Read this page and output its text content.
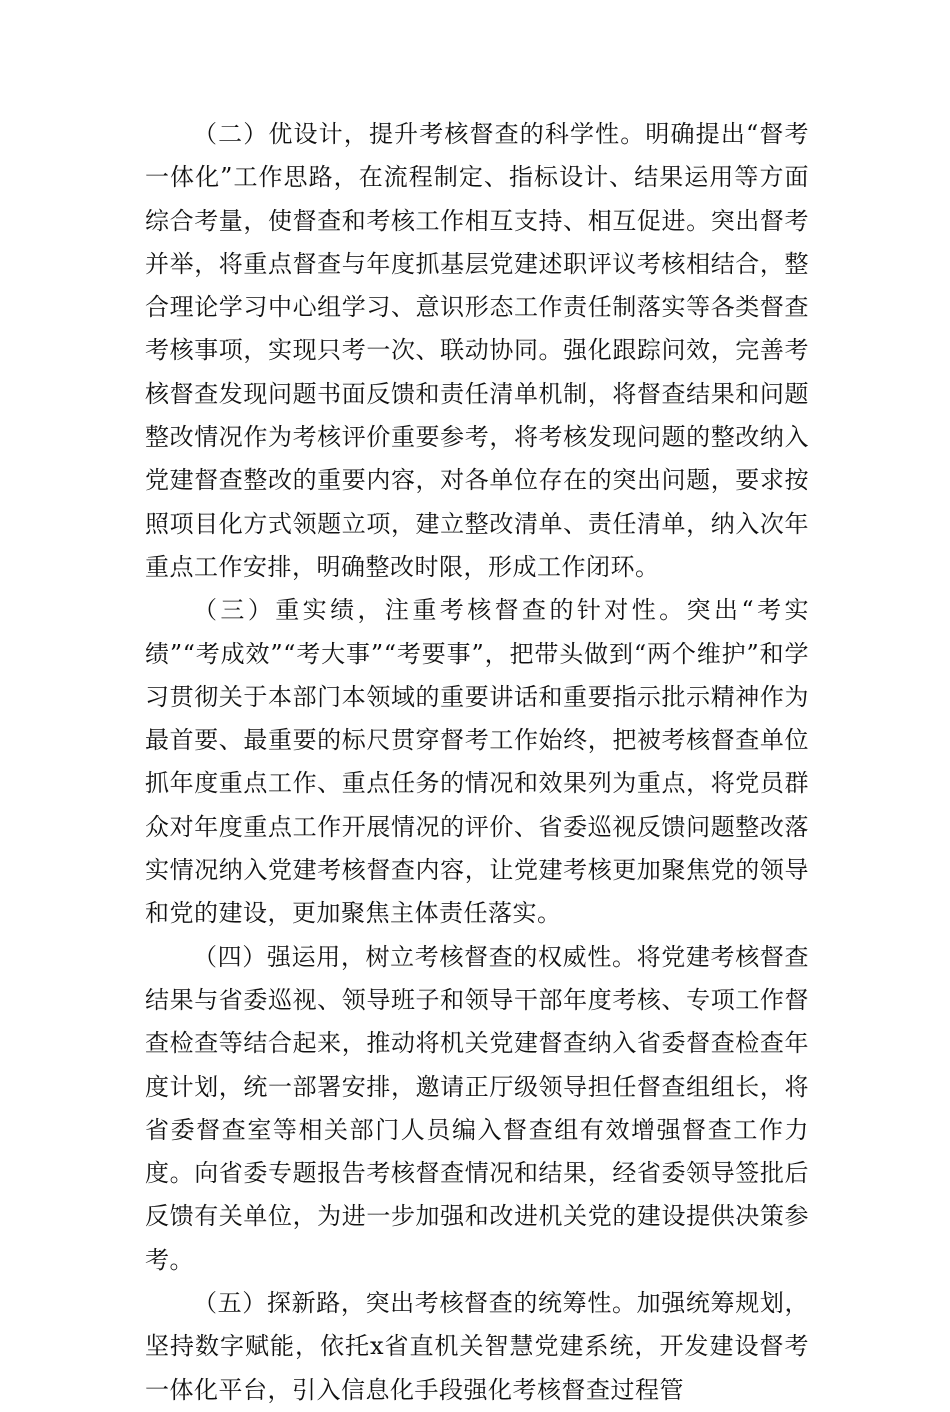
（二）优设计，提升考核督查的科学性。明确提出“督考一体化”工作思路，在流程制定、指标设计、结果运用等方面综合考量，使督查和考核工作相互支持、相互促进。突出督考并举，将重点督查与年度抓基层党建述职评议考核相结合，整合理论学习中心组学习、意识形态工作责任制落实等各类督查考核事项，实现只考一次、联动协同。强化跟踪问效，完善考核督查发现问题书面反馈和责任清单机制，将督查结果和问题整改情况作为考核评价重要参考，将考核发现问题的整改纳入党建督查整改的重要内容，对各单位存在的突出问题，要求按照项目化方式领题立项，建立整改清单、责任清单，纳入次年重点工作安排，明确整改时限，形成工作闭环。

（三）重实绩，注重考核督查的针对性。突出“考实绩”“考成效”“考大事”“考要事”，把带头做到“两个维护”和学习贯彻关于本部门本领域的重要讲话和重要指示批示精神作为最首要、最重要的标尺贯穿督考工作始终，把被考核督查单位抓年度重点工作、重点任务的情况和效果列为重点，将党员群众对年度重点工作开展情况的评价、省委巡视反馈问题整改落实情况纳入党建考核督查内容，让党建考核更加聚焦党的领导和党的建设，更加聚焦主体责任落实。

（四）强运用，树立考核督查的权威性。将党建考核督查结果与省委巡视、领导班子和领导干部年度考核、专项工作督查检查等结合起来，推动将机关党建督查纳入省委督查检查年度计划，统一部署安排，邀请正厅级领导担任督查组组长，将省委督查室等相关部门人员编入督查组有效增强督查工作力度。向省委专题报告考核督查情况和结果，经省委领导签批后反馈有关单位，为进一步加强和改进机关党的建设提供决策参考。

（五）探新路，突出考核督查的统筹性。加强统筹规划，坚持数字赋能，依托x省直机关智慧党建系统，开发建设督考一体化平台，引入信息化手段强化考核督查过程管
